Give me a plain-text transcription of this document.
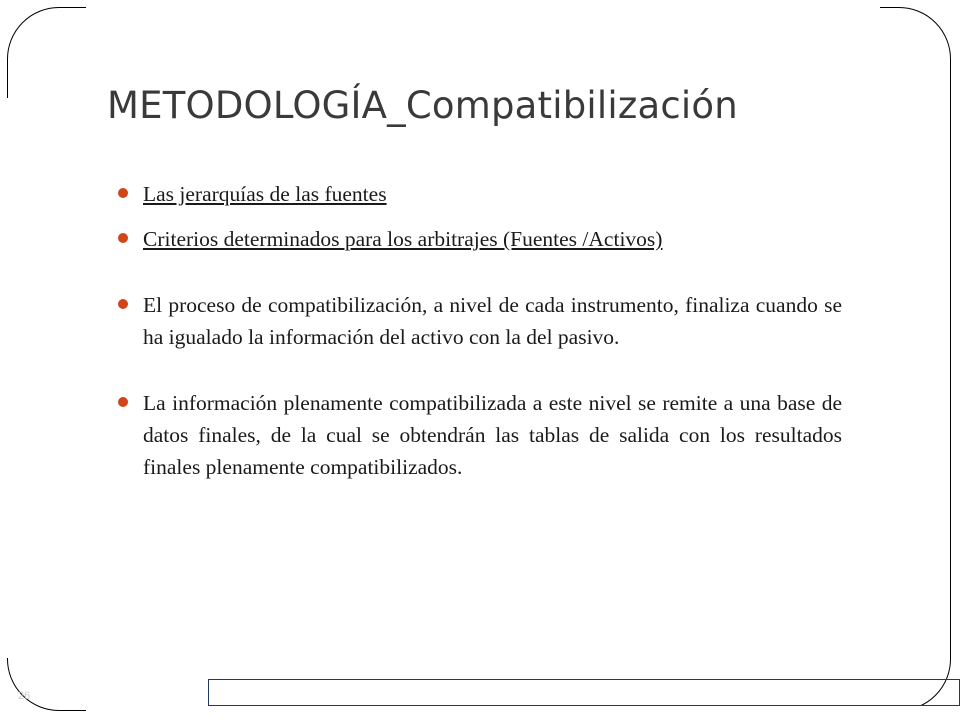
METODOLOGÍA_Compatibilización
Las jerarquías de las fuentes
Criterios determinados para los arbitrajes (Fuentes /Activos)
El proceso de compatibilización, a nivel de cada instrumento, finaliza cuando se ha igualado la información del activo con la del pasivo.
La información plenamente compatibilizada a este nivel se remite a una base de datos finales, de la cual se obtendrán las tablas de salida con los resultados finales plenamente compatibilizados.
26
